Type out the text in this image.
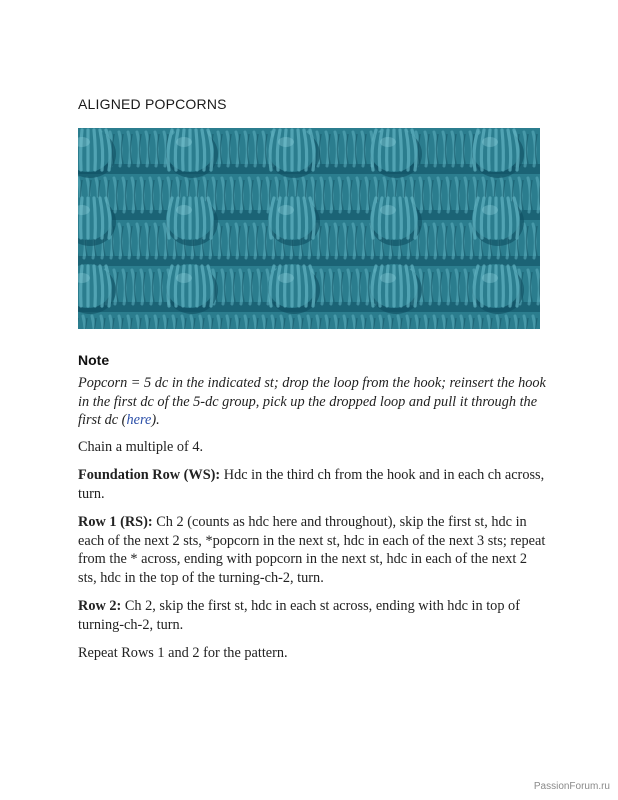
ALIGNED POPCORNS
Note

Popcorn = 5 dc in the indicated st; drop the loop from the hook; reinsert the hook in the first dc of the 5-dc group, pick up the dropped loop and pull it through the first dc (here).

Chain a multiple of 4.

Foundation Row (WS): Hdc in the third ch from the hook and in each ch across, turn.

Row 1 (RS): Ch 2 (counts as hdc here and throughout), skip the first st, hdc in each of the next 2 sts, *popcorn in the next st, hdc in each of the next 3 sts; repeat from the * across, ending with popcorn in the next st, hdc in each of the next 2 sts, hdc in the top of the turning-ch-2, turn.

Row 2: Ch 2, skip the first st, hdc in each st across, ending with hdc in top of turning-ch-2, turn.

Repeat Rows 1 and 2 for the pattern.

PassionForum.ru
